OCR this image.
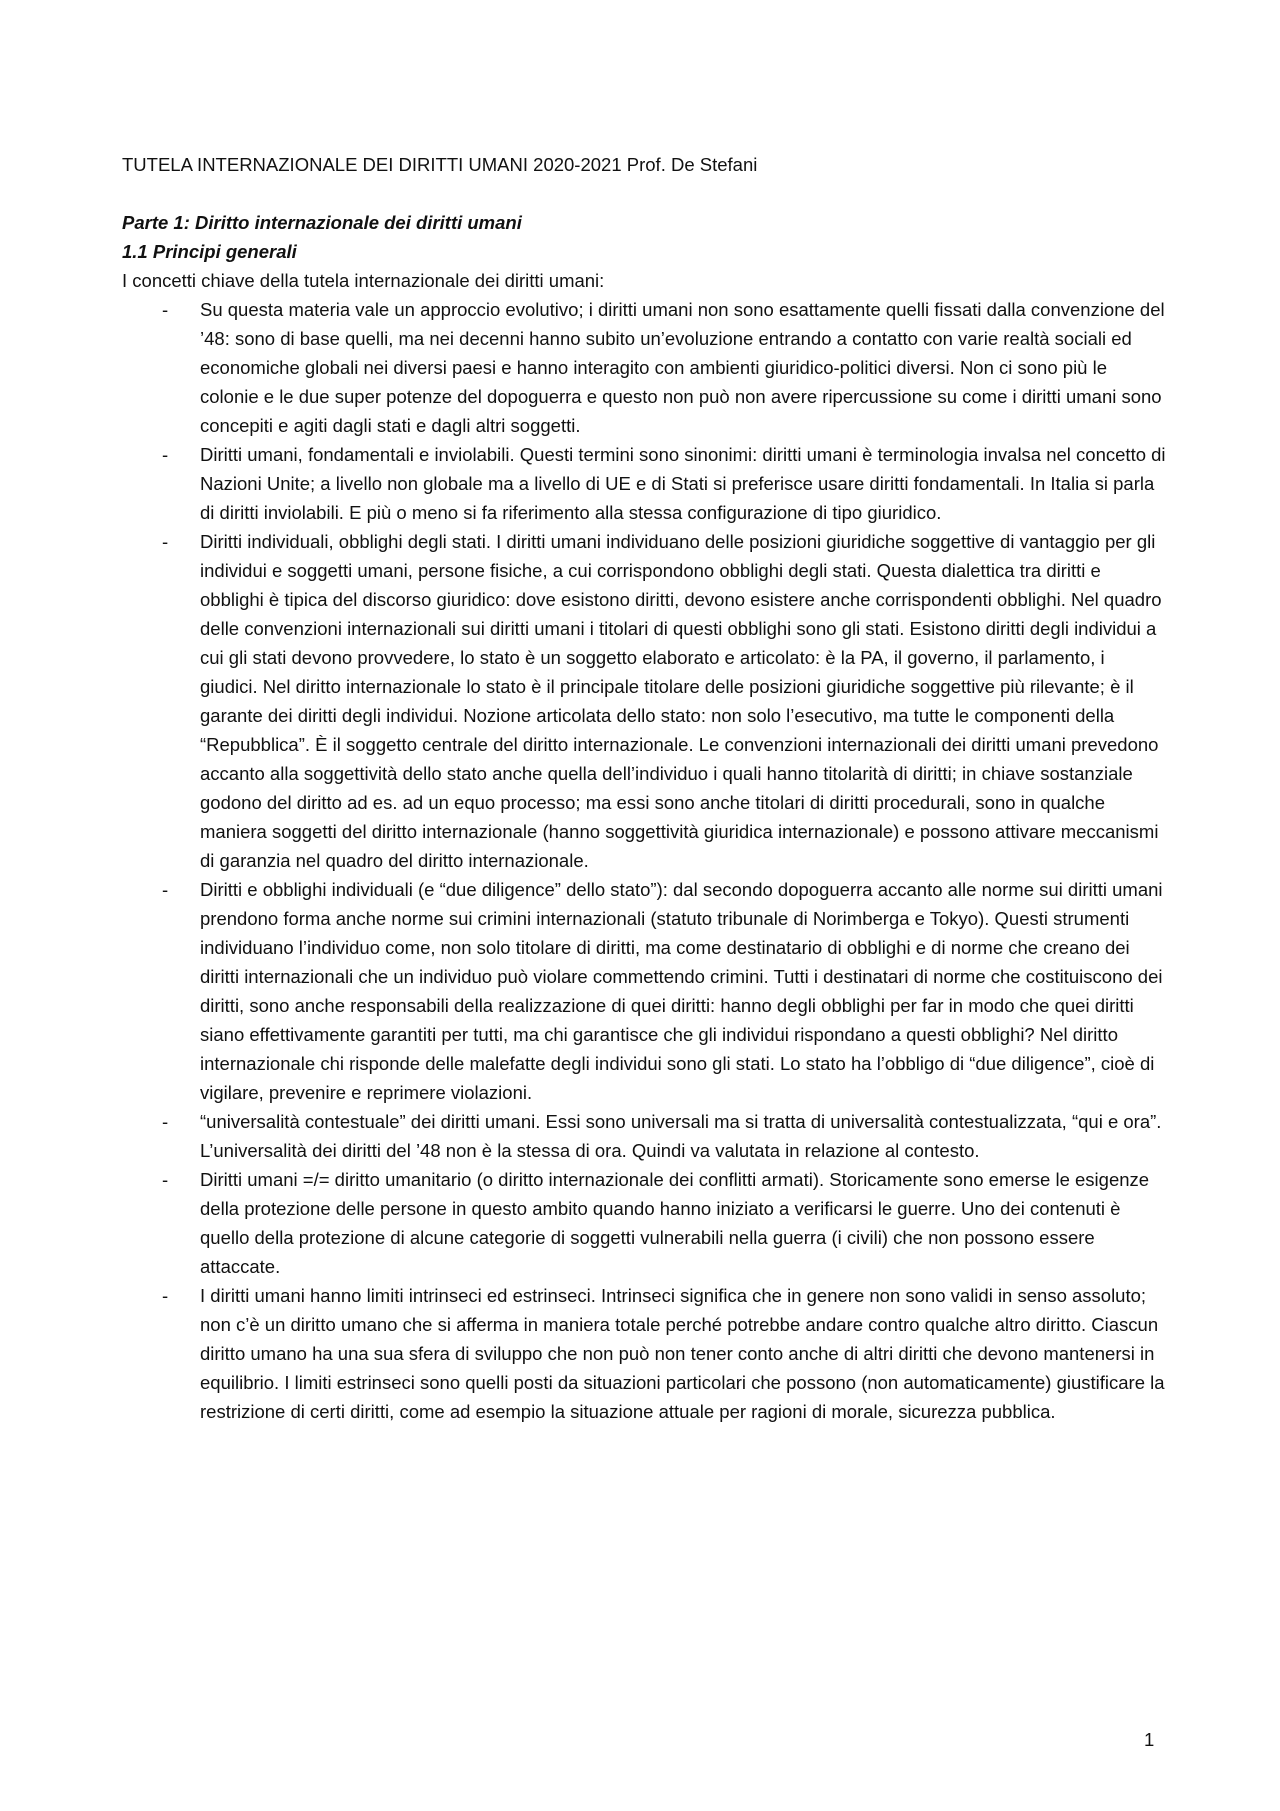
TUTELA INTERNAZIONALE DEI DIRITTI UMANI 2020-2021 Prof. De Stefani

Parte 1: Diritto internazionale dei diritti umani
1.1 Principi generali

I concetti chiave della tutela internazionale dei diritti umani:

- Su questa materia vale un approccio evolutivo; i diritti umani non sono esattamente quelli fissati dalla convenzione del ’48: sono di base quelli, ma nei decenni hanno subito un’evoluzione entrando a contatto con varie realtà sociali ed economiche globali nei diversi paesi e hanno interagito con ambienti giuridico-politici diversi. Non ci sono più le colonie e le due super potenze del dopoguerra e questo non può non avere ripercussione su come i diritti umani sono concepiti e agiti dagli stati e dagli altri soggetti.
- Diritti umani, fondamentali e inviolabili. Questi termini sono sinonimi: diritti umani è terminologia invalsa nel concetto di Nazioni Unite; a livello non globale ma a livello di UE e di Stati si preferisce usare diritti fondamentali. In Italia si parla di diritti inviolabili. E più o meno si fa riferimento alla stessa configurazione di tipo giuridico.
- Diritti individuali, obblighi degli stati. I diritti umani individuano delle posizioni giuridiche soggettive di vantaggio per gli individui e soggetti umani, persone fisiche, a cui corrispondono obblighi degli stati. Questa dialettica tra diritti e obblighi è tipica del discorso giuridico: dove esistono diritti, devono esistere anche corrispondenti obblighi. Nel quadro delle convenzioni internazionali sui diritti umani i titolari di questi obblighi sono gli stati. Esistono diritti degli individui a cui gli stati devono provvedere, lo stato è un soggetto elaborato e articolato: è la PA, il governo, il parlamento, i giudici. Nel diritto internazionale lo stato è il principale titolare delle posizioni giuridiche soggettive più rilevante; è il garante dei diritti degli individui. Nozione articolata dello stato: non solo l’esecutivo, ma tutte le componenti della “Repubblica”. È il soggetto centrale del diritto internazionale. Le convenzioni internazionali dei diritti umani prevedono accanto alla soggettività dello stato anche quella dell’individuo i quali hanno titolarità di diritti; in chiave sostanziale godono del diritto ad es. ad un equo processo; ma essi sono anche titolari di diritti procedurali, sono in qualche maniera soggetti del diritto internazionale (hanno soggettività giuridica internazionale) e possono attivare meccanismi di garanzia nel quadro del diritto internazionale.
- Diritti e obblighi individuali (e “due diligence” dello stato”): dal secondo dopoguerra accanto alle norme sui diritti umani prendono forma anche norme sui crimini internazionali (statuto tribunale di Norimberga e Tokyo). Questi strumenti individuano l’individuo come, non solo titolare di diritti, ma come destinatario di obblighi e di norme che creano dei diritti internazionali che un individuo può violare commettendo crimini. Tutti i destinatari di norme che costituiscono dei diritti, sono anche responsabili della realizzazione di quei diritti: hanno degli obblighi per far in modo che quei diritti siano effettivamente garantiti per tutti, ma chi garantisce che gli individui rispondano a questi obblighi? Nel diritto internazionale chi risponde delle malefatte degli individui sono gli stati. Lo stato ha l’obbligo di “due diligence”, cioè di vigilare, prevenire e reprimere violazioni.
- “universalità contestuale” dei diritti umani. Essi sono universali ma si tratta di universalità contestualizzata, “qui e ora”. L’universalità dei diritti del ’48 non è la stessa di ora. Quindi va valutata in relazione al contesto.
- Diritti umani =/= diritto umanitario (o diritto internazionale dei conflitti armati). Storicamente sono emerse le esigenze della protezione delle persone in questo ambito quando hanno iniziato a verificarsi le guerre. Uno dei contenuti è quello della protezione di alcune categorie di soggetti vulnerabili nella guerra (i civili) che non possono essere attaccate.
- I diritti umani hanno limiti intrinseci ed estrinseci. Intrinseci significa che in genere non sono validi in senso assoluto; non c’è un diritto umano che si afferma in maniera totale perché potrebbe andare contro qualche altro diritto. Ciascun diritto umano ha una sua sfera di sviluppo che non può non tener conto anche di altri diritti che devono mantenersi in equilibrio. I limiti estrinseci sono quelli posti da situazioni particolari che possono (non automaticamente) giustificare la restrizione di certi diritti, come ad esempio la situazione attuale per ragioni di morale, sicurezza pubblica.
1
